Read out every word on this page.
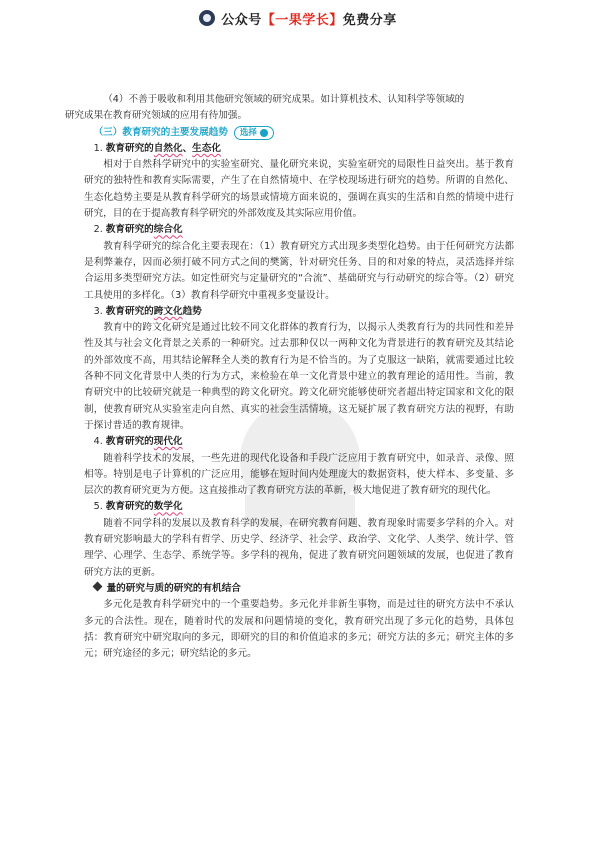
公众号【一果学长】免费分享

（4）不善于吸收和利用其他研究领域的研究成果。如计算机技术、认知科学等领域的
研究成果在教育研究领域的应用有待加强。

（三）教育研究的主要发展趋势 选择

1. 教育研究的自然化、生态化

相对于自然科学研究中的实验室研究、量化研究来说，实验室研究的局限性日益突出。基于教育研究的独特性和教育实际需要，产生了在自然情境中、在学校现场进行研究的趋势。所谓的自然化、生态化趋势主要是从教育科学研究的场景或情境方面来说的，强调在真实的生活和自然的情境中进行研究，目的在于提高教育科学研究的外部效度及其实际应用价值。

2. 教育研究的综合化

教育科学研究的综合化主要表现在：（1）教育研究方式出现多类型化趋势。由于任何研究方法都是利弊兼存，因而必须打破不同方式之间的樊篱，针对研究任务、目的和对象的特点，灵活选择并综合运用多类型研究方法。如定性研究与定量研究的“合流”、基础研究与行动研究的综合等。（2）研究工具使用的多样化。（3）教育科学研究中重视多变量设计。

3. 教育研究的跨文化趋势

教育中的跨文化研究是通过比较不同文化群体的教育行为，以揭示人类教育行为的共同性和差异性及其与社会文化背景之关系的一种研究。过去那种仅以一两种文化为背景进行的教育研究及其结论的外部效度不高，用其结论解释全人类的教育行为是不恰当的。为了克服这一缺陷，就需要通过比较各种不同文化背景中人类的行为方式，来检验在单一文化背景中建立的教育理论的适用性。当前，教育研究中的比较研究就是一种典型的跨文化研究。跨文化研究能够使研究者超出特定国家和文化的限制，使教育研究从实验室走向自然、真实的社会生活情境，这无疑扩展了教育研究方法的视野，有助于探讨普适的教育规律。

4. 教育研究的现代化

随着科学技术的发展，一些先进的现代化设备和手段广泛应用于教育研究中，如录音、录像、照相等。特别是电子计算机的广泛应用，能够在短时间内处理庞大的数据资料，使大样本、多变量、多层次的教育研究更为方便。这直接推动了教育研究方法的革新，极大地促进了教育研究的现代化。

5. 教育研究的数学化

随着不同学科的发展以及教育科学的发展，在研究教育问题、教育现象时需要多学科的介入。对教育研究影响最大的学科有哲学、历史学、经济学、社会学、政治学、文化学、人类学、统计学、管理学、心理学、生态学、系统学等。多学科的视角，促进了教育研究问题领域的发展，也促进了教育研究方法的更新。

量的研究与质的研究的有机结合

多元化是教育科学研究中的一个重要趋势。多元化并非新生事物，而是过往的研究方法中不承认多元的合法性。现在，随着时代的发展和问题情境的变化，教育研究出现了多元化的趋势，具体包括：教育研究中研究取向的多元，即研究的目的和价值追求的多元；研究方法的多元；研究主体的多元；研究途径的多元；研究结论的多元。
